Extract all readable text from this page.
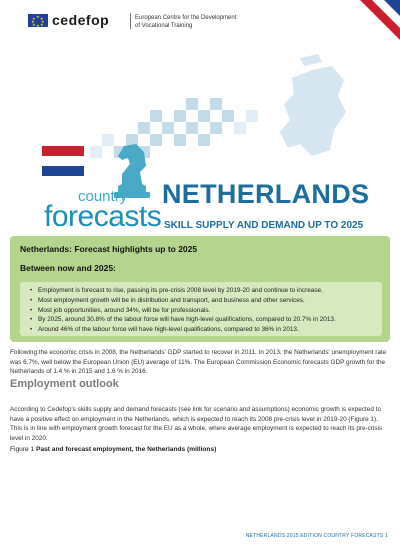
★ ★
★
★
★
★
★
★ cedefop	European Centre for the Development
of Vocational Training
country
forecasts
NETHERLANDS
SKILL SUPPLY AND DEMAND UP TO 2025
Netherlands: Forecast highlights up to 2025
Between now and 2025:
• Employment is forecast to rise, passing its pre-crisis 2008 level by 2019-20 and continue to increase.
• Most employment growth will be in distribution and transport, and business and other services.
• Most job opportunities, around 34%, will be for professionals.
• By 2025, around 30.8% of the labour force will have high-level qualifications, compared to 20.7% in 2013.
• Around 46% of the labour force will have high-level qualifications, compared to 36% in 2013.

Following the economic crisis in 2008, the Netherlands' GDP started to recover in 2011. In 2013, the Netherlands' unemployment rate was 6.7%, well below the European Union (EU) average of 11%. The European Commission Economic forecasts GDP growth for the Netherlands of 1.4 % in 2015 and 1.6 % in 2016.

Employment outlook

According to Cedefop's skills supply and demand forecasts (see link for scenario and assumptions) economic growth is expected to have a positive effect on employment in the Netherlands, which is expected to reach its 2008 pre-crisis level in 2019-20 (Figure 1). This is in line with employment growth forecast for the EU as a whole, where average employment is expected to reach its pre-crisis level in 2020.

Figure 1 Past and forecast employment, the Netherlands (millions)
NETHERLANDS 2015 EDITION COUNTRY FORECASTS 1
